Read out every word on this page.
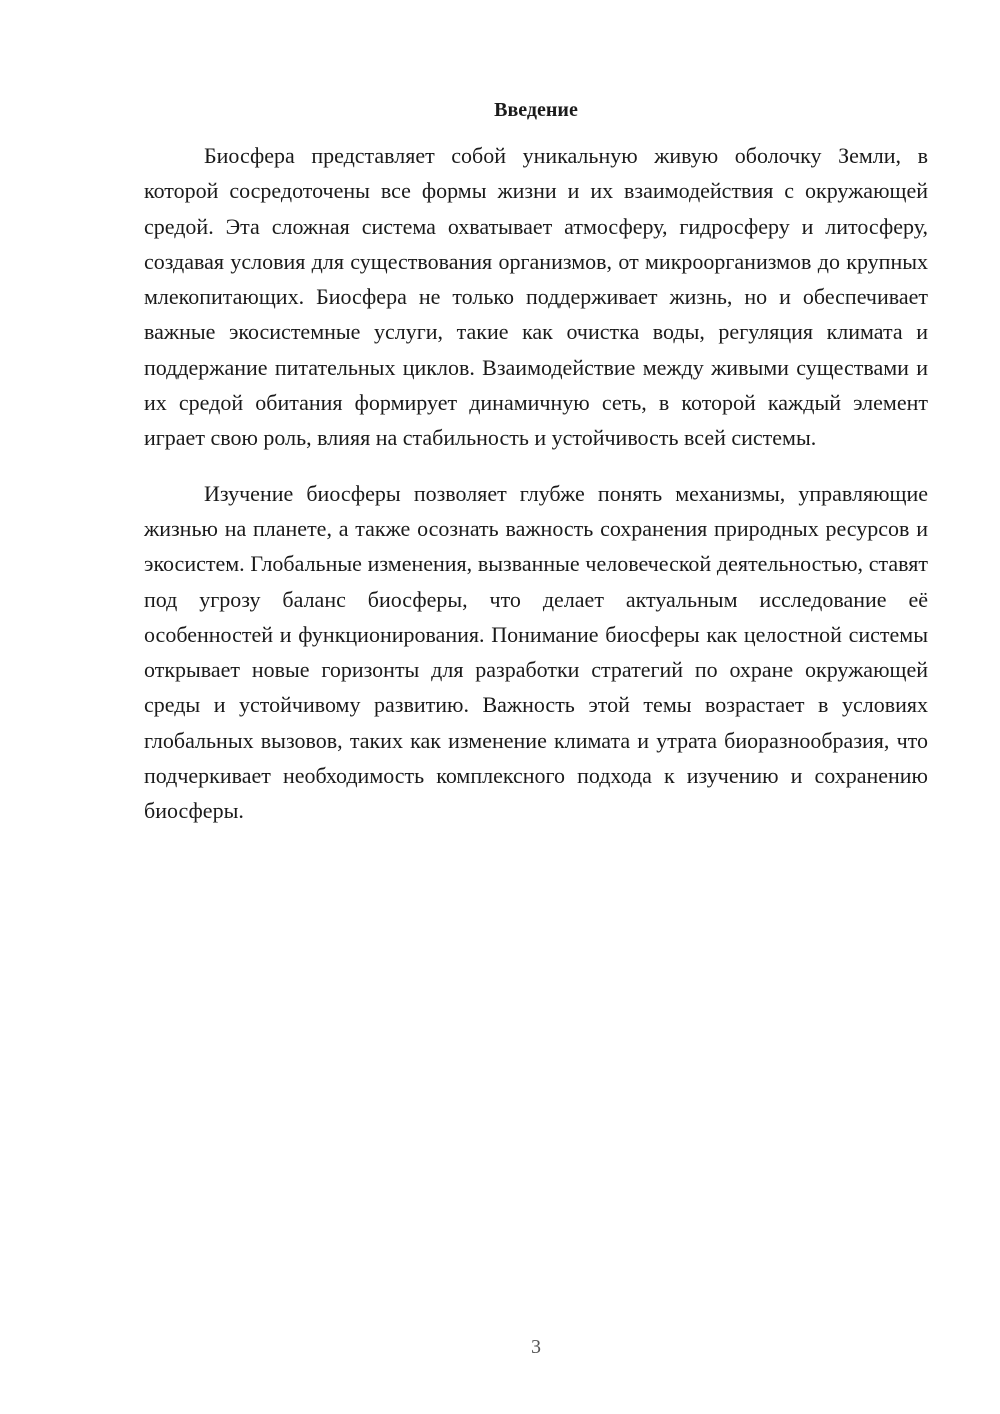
Введение

Биосфера представляет собой уникальную живую оболочку Земли, в которой сосредоточены все формы жизни и их взаимодействия с окружающей средой. Эта сложная система охватывает атмосферу, гидросферу и литосферу, создавая условия для существования организмов, от микроорганизмов до крупных млекопитающих. Биосфера не только поддерживает жизнь, но и обеспечивает важные экосистемные услуги, такие как очистка воды, регуляция климата и поддержание питательных циклов. Взаимодействие между живыми существами и их средой обитания формирует динамичную сеть, в которой каждый элемент играет свою роль, влияя на стабильность и устойчивость всей системы.

Изучение биосферы позволяет глубже понять механизмы, управляющие жизнью на планете, а также осознать важность сохранения природных ресурсов и экосистем. Глобальные изменения, вызванные человеческой деятельностью, ставят под угрозу баланс биосферы, что делает актуальным исследование её особенностей и функционирования. Понимание биосферы как целостной системы открывает новые горизонты для разработки стратегий по охране окружающей среды и устойчивому развитию. Важность этой темы возрастает в условиях глобальных вызовов, таких как изменение климата и утрата биоразнообразия, что подчеркивает необходимость комплексного подхода к изучению и сохранению биосферы.

3
